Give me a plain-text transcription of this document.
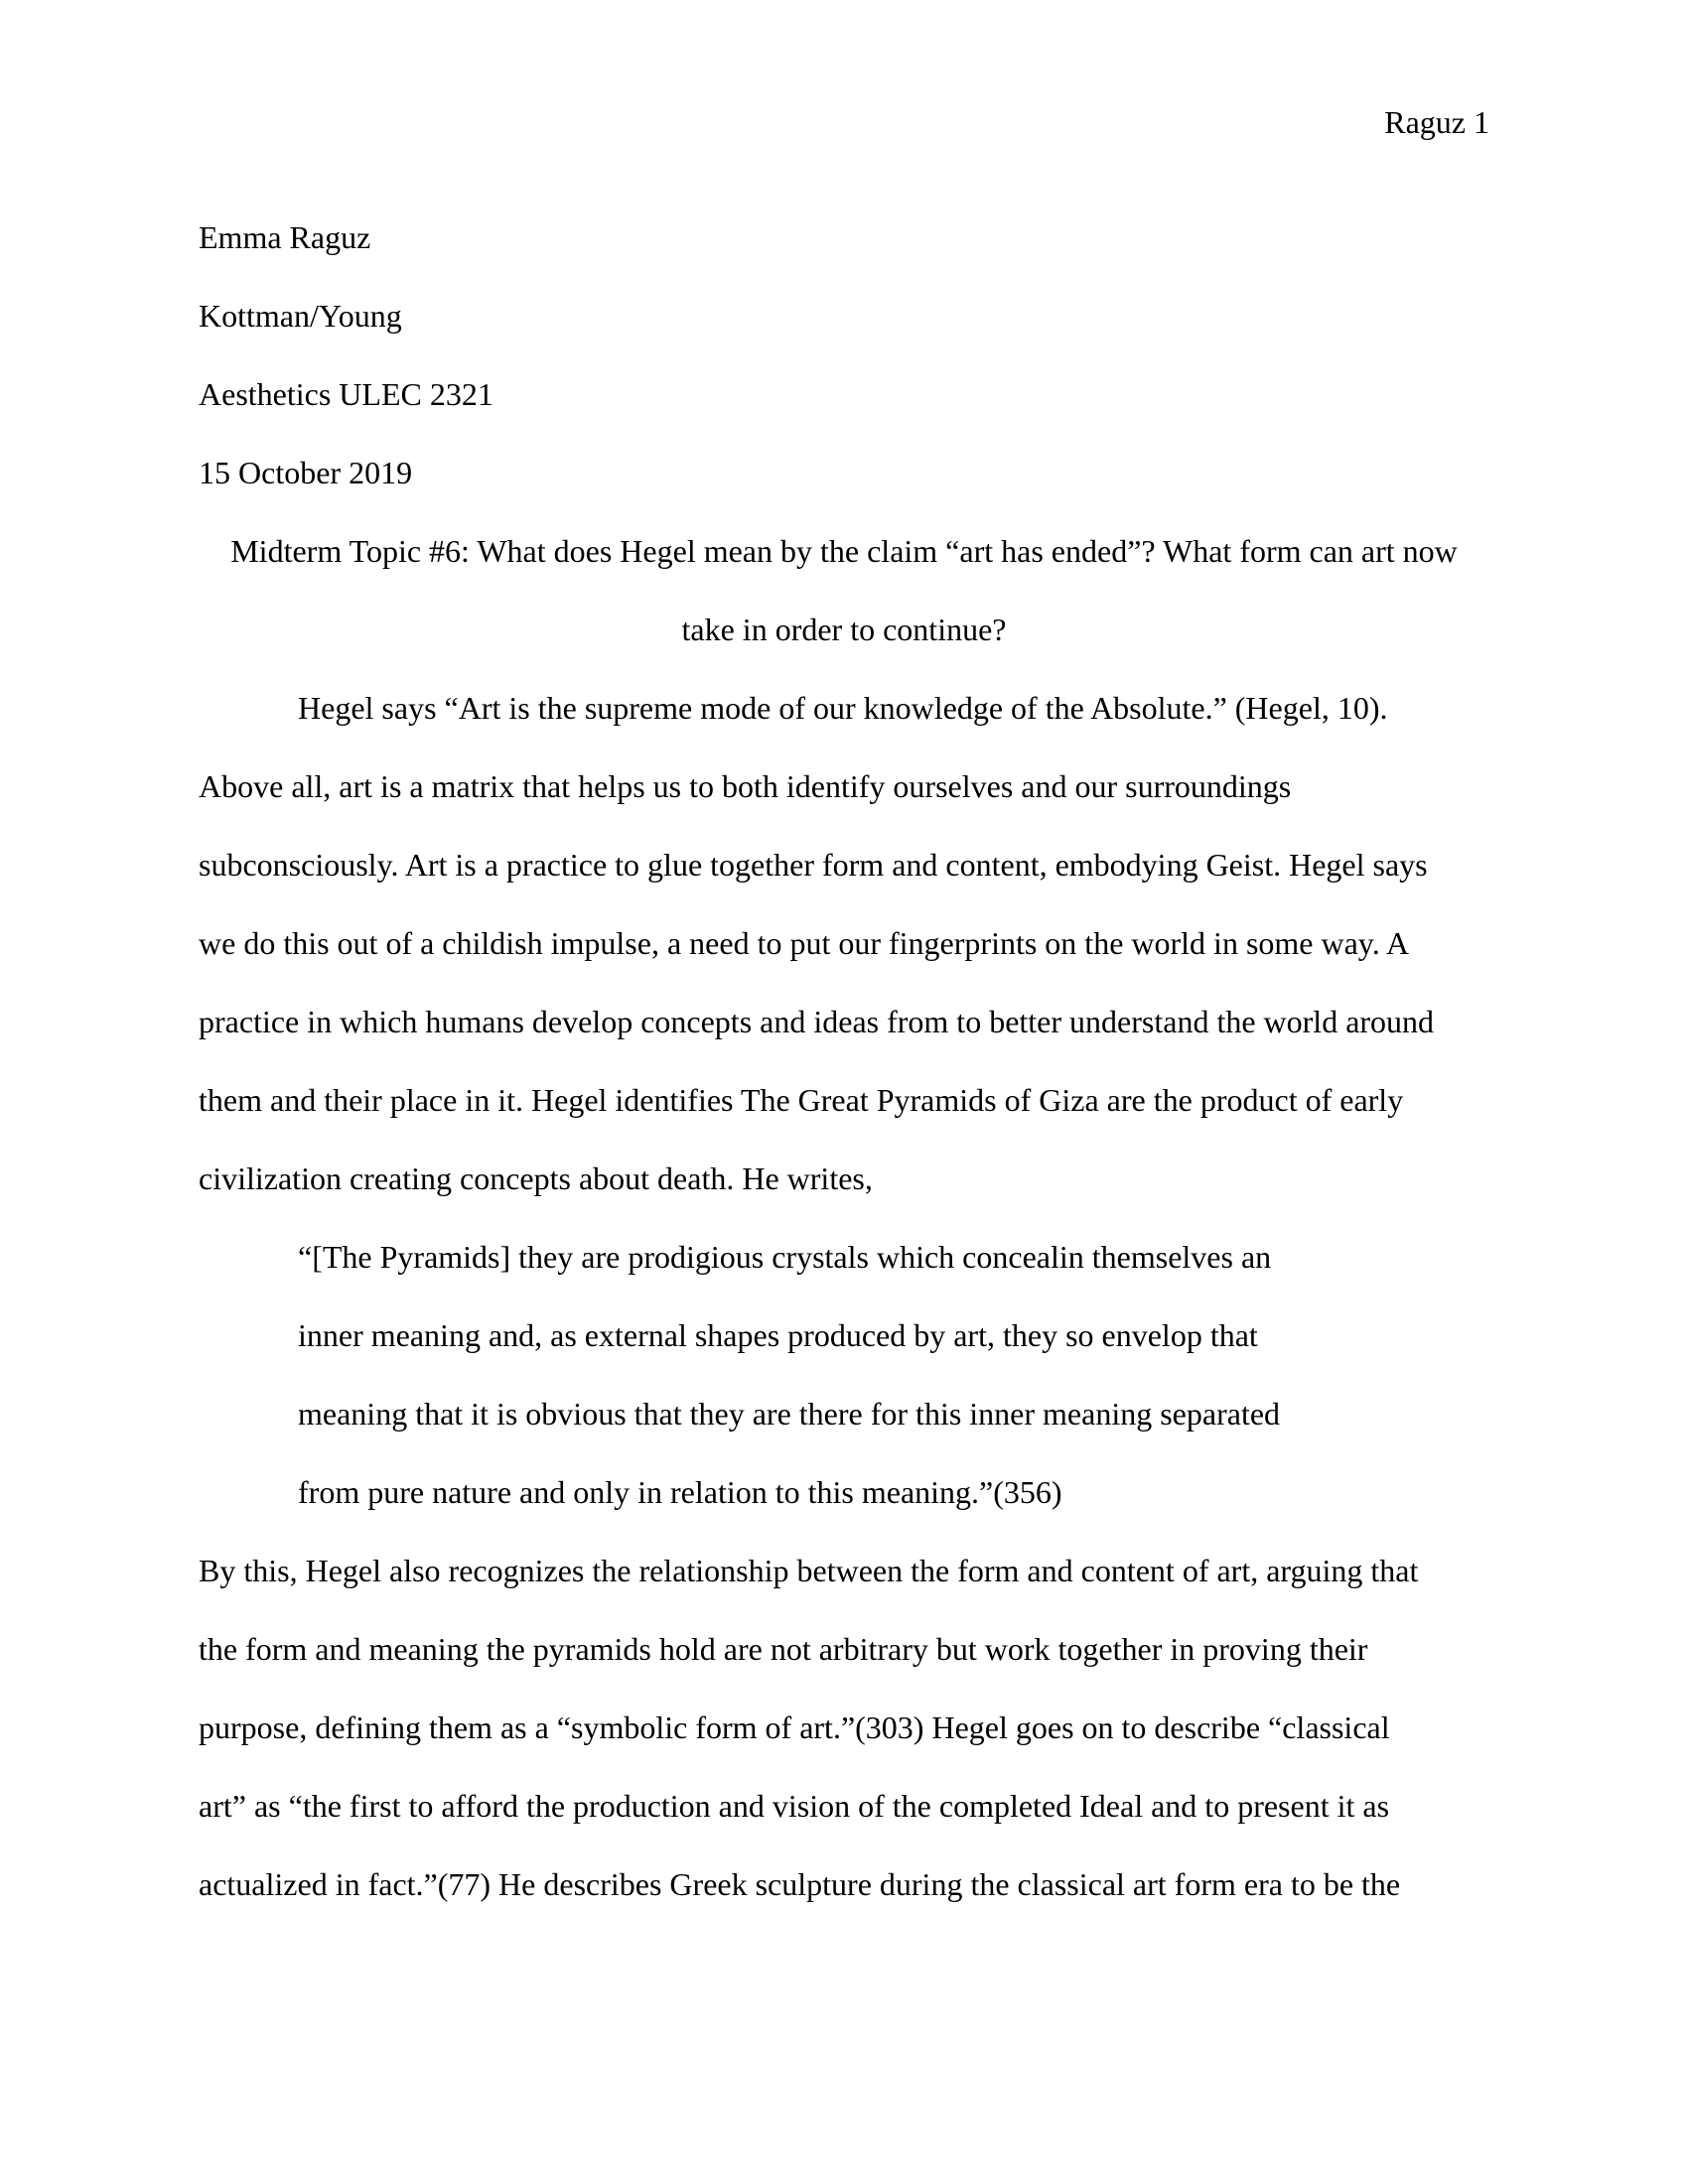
Raguz 1
Emma Raguz
Kottman/Young
Aesthetics ULEC 2321
15 October 2019
Midterm Topic #6: What does Hegel mean by the claim “art has ended”? What form can art now
take in order to continue?
Hegel says “Art is the supreme mode of our knowledge of the Absolute.” (Hegel, 10).
Above all, art is a matrix that helps us to both identify ourselves and our surroundings
subconsciously. Art is a practice to glue together form and content, embodying Geist. Hegel says
we do this out of a childish impulse, a need to put our fingerprints on the world in some way. A
practice in which humans develop concepts and ideas from to better understand the world around
them and their place in it. Hegel identifies The Great Pyramids of Giza are the product of early
civilization creating concepts about death. He writes,
“[The Pyramids] they are prodigious crystals which concealin themselves an
inner meaning and, as external shapes produced by art, they so envelop that
meaning that it is obvious that they are there for this inner meaning separated
from pure nature and only in relation to this meaning.”(356)
By this, Hegel also recognizes the relationship between the form and content of art, arguing that
the form and meaning the pyramids hold are not arbitrary but work together in proving their
purpose, defining them as a “symbolic form of art.”(303) Hegel goes on to describe “classical
art” as “the first to afford the production and vision of the completed Ideal and to present it as
actualized in fact.”(77) He describes Greek sculpture during the classical art form era to be the
